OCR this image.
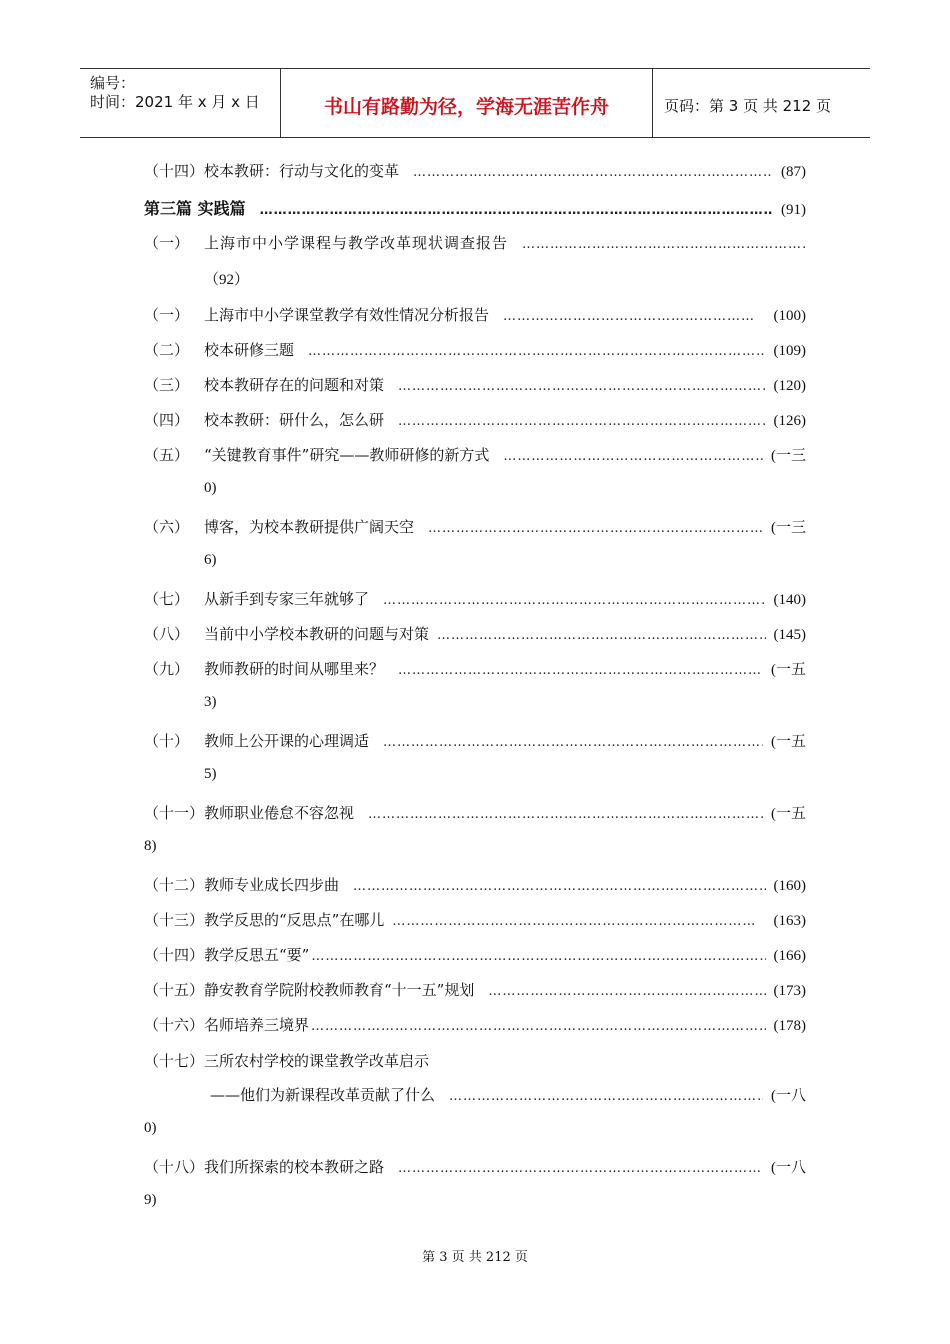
编号：
时间：2021 年 x 月 x 日	书山有路勤为径，学海无涯苦作舟	页码：第 3 页 共 212 页
（十四） 校本教研：行动与文化的变革 ……………………………………………………………………………………………………………………………………………………	(87)
第三篇 实践篇 ……………………………………………………………………………………………………………………………………………………	(91)
（一） 上海市中小学课程与教学改革现状调查报告
……………………………………………………………………………………………………………………………………………………
（92）
（一） 上海市中小学课堂教学有效性情况分析报告 ……………………………………………………………………………………………………………………………………………………	(100)
（二） 校本研修三题 ……………………………………………………………………………………………………………………………………………………	(109)
（三） 校本教研存在的问题和对策 ……………………………………………………………………………………………………………………………………………………	(120)
（四） 校本教研：研什么，怎么研 ……………………………………………………………………………………………………………………………………………………	(126)
（五） “关键教育事件”研究——教师研修的新方式 ……………………………………………………………………………………………………………………………………………………	(一三
0)
（六） 博客，为校本教研提供广阔天空 ……………………………………………………………………………………………………………………………………………………	(一三
6)
（七） 从新手到专家三年就够了 ……………………………………………………………………………………………………………………………………………………	(140)
（八） 当前中小学校本教研的问题与对策 ……………………………………………………………………………………………………………………………………………………	(145)
（九） 教师教研的时间从哪里来？ ……………………………………………………………………………………………………………………………………………………	(一五
3)
（十） 教师上公开课的心理调适 ……………………………………………………………………………………………………………………………………………………	(一五
5)
（十一） 教师职业倦怠不容忽视 ……………………………………………………………………………………………………………………………………………………	(一五
8)
（十二） 教师专业成长四步曲 ……………………………………………………………………………………………………………………………………………………	(160)
（十三） 教学反思的“反思点”在哪儿 ……………………………………………………………………………………………………………………………………………………	(163)
（十四） 教学反思五“要” ……………………………………………………………………………………………………………………………………………………	(166)
（十五） 静安教育学院附校教师教育“十一五”规划 ……………………………………………………………………………………………………………………………………………………	(173)
（十六） 名师培养三境界 ……………………………………………………………………………………………………………………………………………………	(178)
（十七） 三所农村学校的课堂教学改革启示
——他们为新课程改革贡献了什么 ……………………………………………………………………………………………………………………………………………………	(一八
0)
（十八） 我们所探索的校本教研之路 ……………………………………………………………………………………………………………………………………………………	(一八
9)
第 3 页 共 212 页
